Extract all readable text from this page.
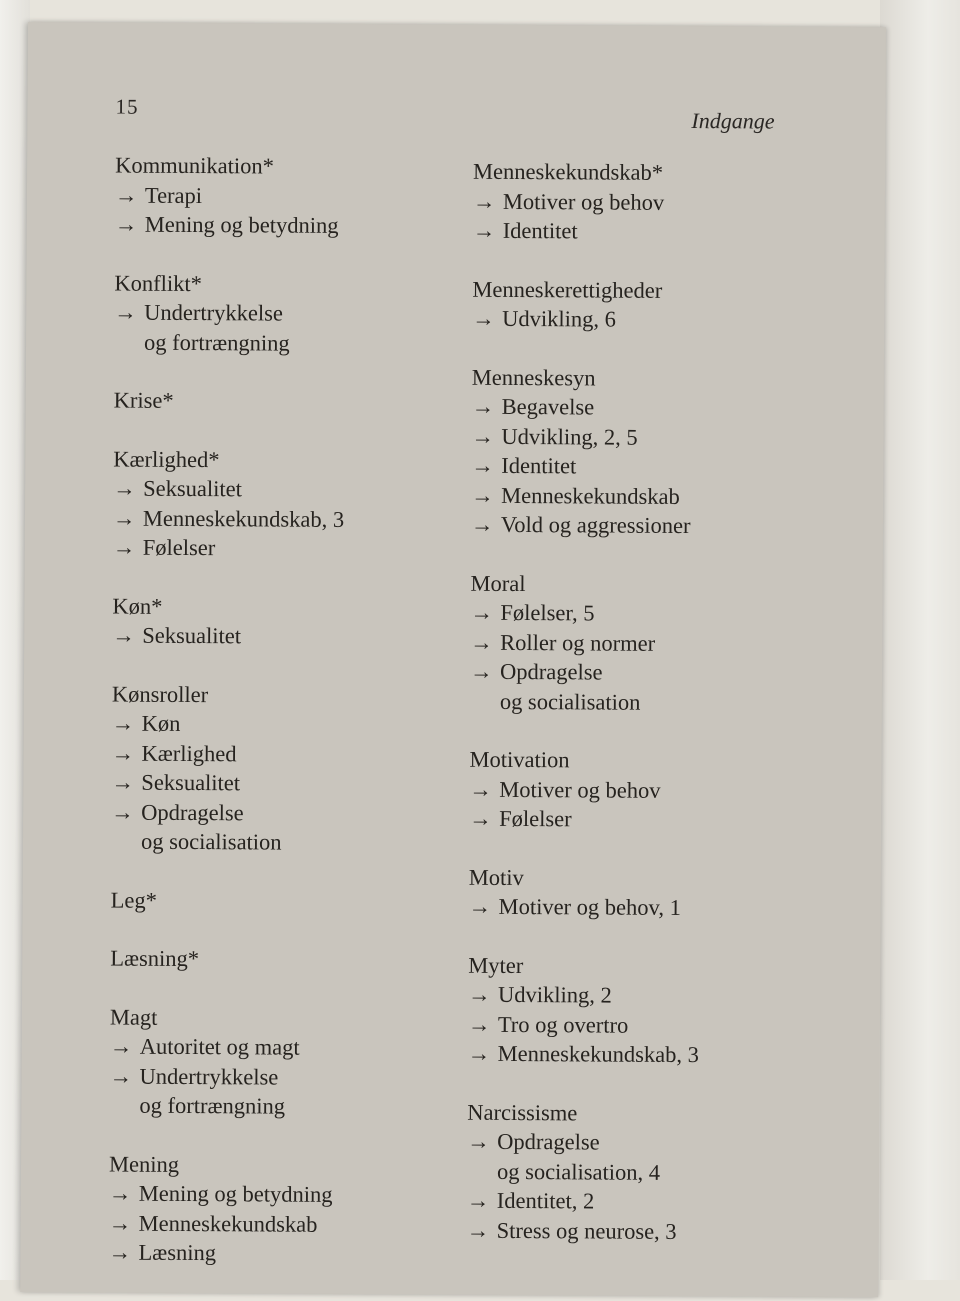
15
Indgange
Kommunikation*
→ Terapi
→ Mening og betydning
Konflikt*
→ Undertrykkelse
og fortrængning
Krise*
Kærlighed*
→ Seksualitet
→ Menneskekundskab, 3
→ Følelser
Køn*
→ Seksualitet
Kønsroller
→ Køn
→ Kærlighed
→ Seksualitet
→ Opdragelse
og socialisation
Leg*
Læsning*
Magt
→ Autoritet og magt
→ Undertrykkelse
og fortrængning
Mening
→ Mening og betydning
→ Menneskekundskab
→ Læsning
Menneskekundskab*
→ Motiver og behov
→ Identitet
Menneskerettigheder
→ Udvikling, 6
Menneskesyn
→ Begavelse
→ Udvikling, 2, 5
→ Identitet
→ Menneskekundskab
→ Vold og aggressioner
Moral
→ Følelser, 5
→ Roller og normer
→ Opdragelse
og socialisation
Motivation
→ Motiver og behov
→ Følelser
Motiv
→ Motiver og behov, 1
Myter
→ Udvikling, 2
→ Tro og overtro
→ Menneskekundskab, 3
Narcissisme
→ Opdragelse
og socialisation, 4
→ Identitet, 2
→ Stress og neurose, 3
